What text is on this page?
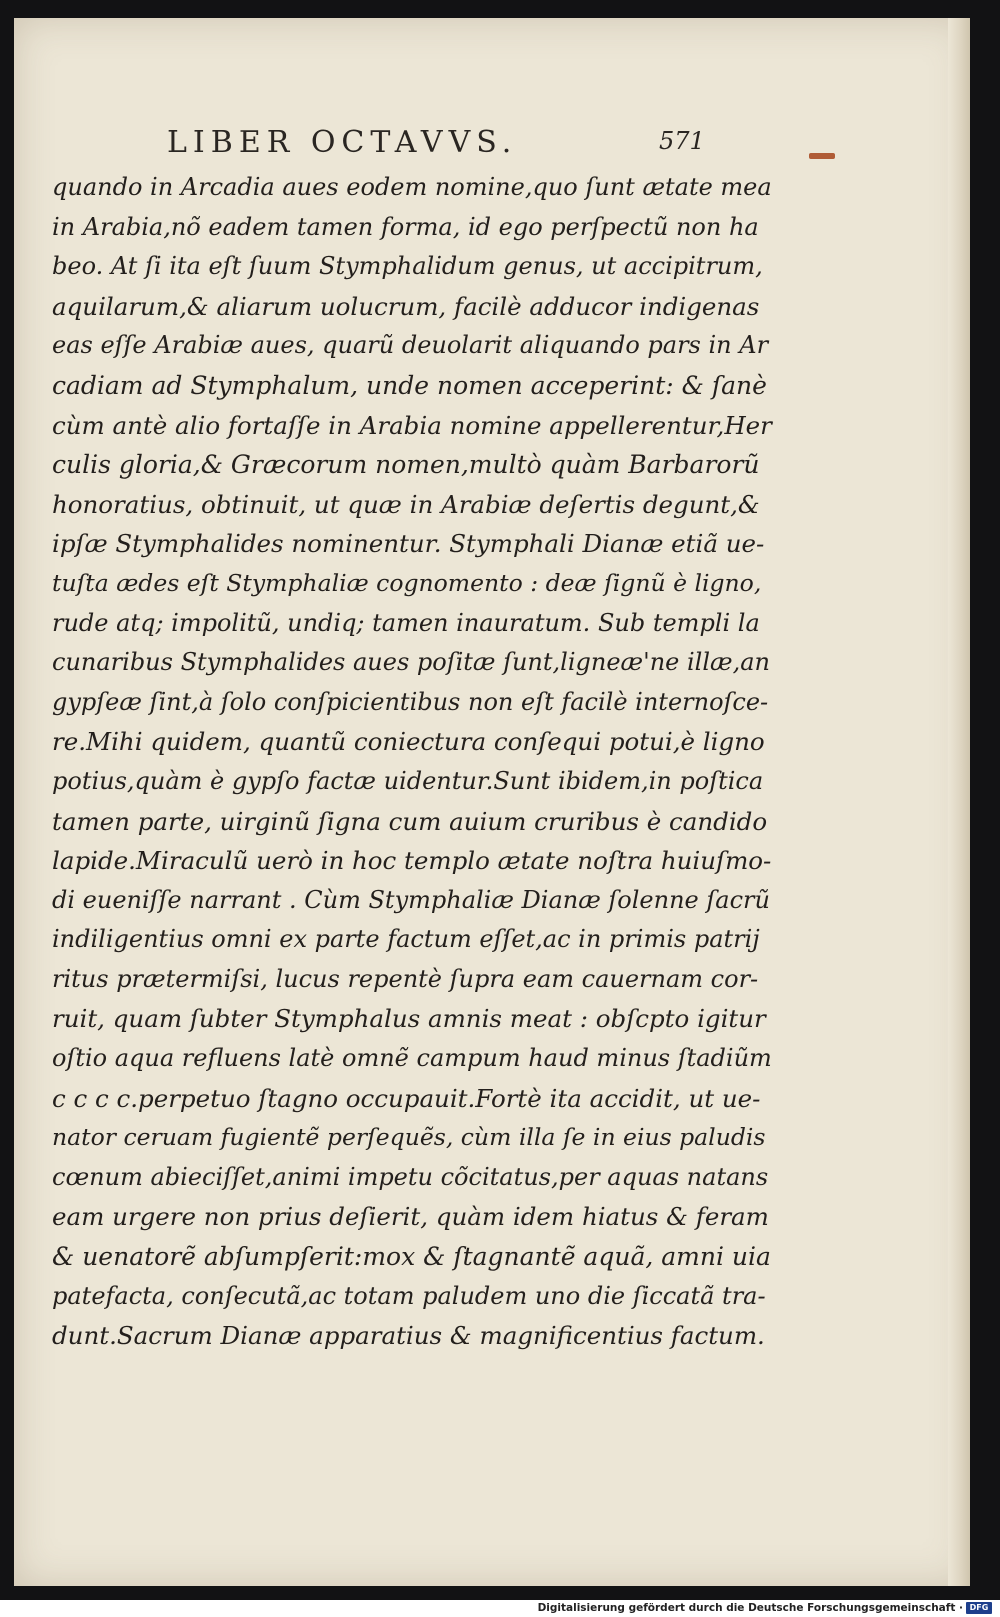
LIBER OCTAVVS.	571
quando in Arcadia aues eodem nomine,quo ſunt ætate mea
in Arabia,nõ eadem tamen forma, id ego perſpectũ non ha
beo. At ſi ita eſt ſuum Stymphalidum genus, ut accipitrum,
aquilarum,& aliarum uolucrum, facilè adducor indigenas
eas eſſe Arabiæ aues, quarũ deuolarit aliquando pars in Ar
cadiam ad Stymphalum, unde nomen acceperint: & ſanè
cùm antè alio fortaſſe in Arabia nomine appellerentur,Her
culis gloria,& Græcorum nomen,multò quàm Barbarorũ
honoratius, obtinuit, ut quæ in Arabiæ deſertis degunt,&
ipſæ Stymphalides nominentur. Stymphali Dianæ etiã ue-
tuſta ædes eſt Stymphaliæ cognomento : deæ ſignũ è ligno,
rude atq; impolitũ, undiq; tamen inauratum. Sub templi la
cunaribus Stymphalides aues poſitæ ſunt,ligneæ'ne illæ,an
gypſeæ ſint,à ſolo conſpicientibus non eſt facilè internoſce-
re.Mihi quidem, quantũ coniectura conſequi potui,è ligno
potius,quàm è gypſo factæ uidentur.Sunt ibidem,in poſtica
tamen parte, uirginũ ſigna cum auium cruribus è candido
lapide.Miraculũ uerò in hoc templo ætate noſtra huiuſmo-
di eueniſſe narrant . Cùm Stymphaliæ Dianæ ſolenne ſacrũ
indiligentius omni ex parte factum eſſet,ac in primis patrij
ritus prætermiſsi, lucus repentè ſupra eam cauernam cor-
ruit, quam ſubter Stymphalus amnis meat : obſcpto igitur
oſtio aqua refluens latè omnẽ campum haud minus ſtadiũm
c c c c.perpetuo ſtagno occupauit.Fortè ita accidit, ut ue-
nator ceruam fugientẽ perſequẽs, cùm illa ſe in eius paludis
cœnum abieciſſet,animi impetu cõcitatus,per aquas natans
eam urgere non prius deſierit, quàm idem hiatus & feram
& uenatorẽ abſumpſerit:mox & ſtagnantẽ aquã, amni uia
patefacta, conſecutã,ac totam paludem uno die ſiccatã tra-
dunt.Sacrum Dianæ apparatius & magnificentius factum.
Digitalisierung gefördert durch die Deutsche Forschungsgemeinschaft · DFG
